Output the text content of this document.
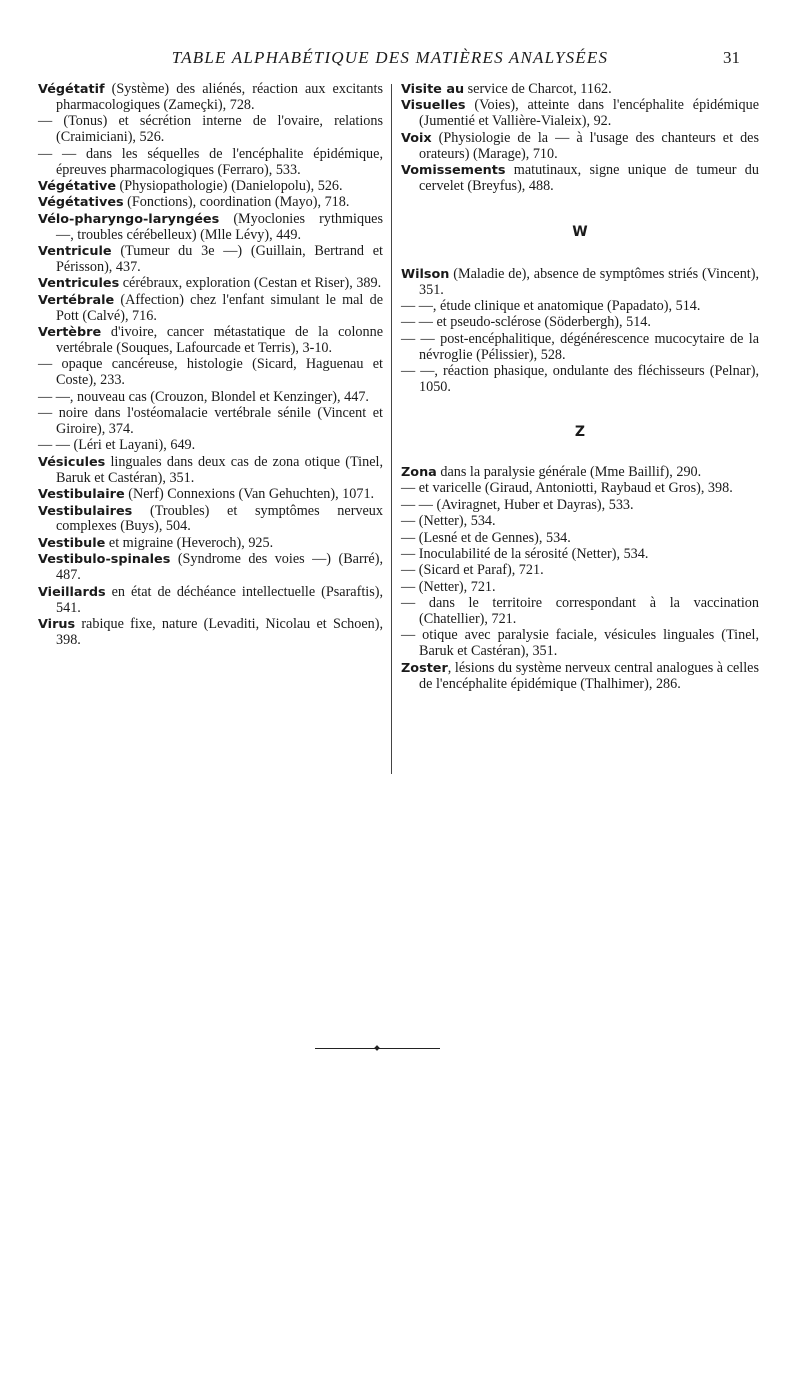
TABLE ALPHABÉTIQUE DES MATIÈRES ANALYSÉES	31
Végétatif (Système) des aliénés, réaction aux excitants pharmacologiques (Zameçki), 728.
— (Tonus) et sécrétion interne de l'ovaire, relations (Craimiciani), 526.
— — dans les séquelles de l'encéphalite épidémique, épreuves pharmacologiques (Ferraro), 533.
Végétative (Physiopathologie) (Danielopolu), 526.
Végétatives (Fonctions), coordination (Mayo), 718.
Vélo-pharyngo-laryngées (Myoclonies rythmiques —, troubles cérébelleux) (Mlle Lévy), 449.
Ventricule (Tumeur du 3e —) (Guillain, Bertrand et Périsson), 437.
Ventricules cérébraux, exploration (Cestan et Riser), 389.
Vertébrale (Affection) chez l'enfant simulant le mal de Pott (Calvé), 716.
Vertèbre d'ivoire, cancer métastatique de la colonne vertébrale (Souques, Lafourcade et Terris), 3-10.
— opaque cancéreuse, histologie (Sicard, Haguenau et Coste), 233.
— —, nouveau cas (Crouzon, Blondel et Kenzinger), 447.
— noire dans l'ostéomalacie vertébrale sénile (Vincent et Giroire), 374.
— — (Léri et Layani), 649.
Vésicules linguales dans deux cas de zona otique (Tinel, Baruk et Castéran), 351.
Vestibulaire (Nerf) Connexions (Van Gehuchten), 1071.
Vestibulaires (Troubles) et symptômes nerveux complexes (Buys), 504.
Vestibule et migraine (Heveroch), 925.
Vestibulo-spinales (Syndrome des voies —) (Barré), 487.
Vieillards en état de déchéance intellectuelle (Psaraftis), 541.
Virus rabique fixe, nature (Levaditi, Nicolau et Schoen), 398.
Visite au service de Charcot, 1162.
Visuelles (Voies), atteinte dans l'encéphalite épidémique (Jumentié et Vallière-Vialeix), 92.
Voix (Physiologie de la — à l'usage des chanteurs et des orateurs) (Marage), 710.
Vomissements matutinaux, signe unique de tumeur du cervelet (Breyfus), 488.
W
Wilson (Maladie de), absence de symptômes striés (Vincent), 351.
— —, étude clinique et anatomique (Papadato), 514.
— — et pseudo-sclérose (Söderbergh), 514.
— — post-encéphalitique, dégénérescence mucocytaire de la névroglie (Pélissier), 528.
— —, réaction phasique, ondulante des fléchisseurs (Pelnar), 1050.
Z
Zona dans la paralysie générale (Mme Baillif), 290.
— et varicelle (Giraud, Antoniotti, Raybaud et Gros), 398.
— — (Aviragnet, Huber et Dayras), 533.
— (Netter), 534.
— (Lesné et de Gennes), 534.
— Inoculabilité de la sérosité (Netter), 534.
— (Sicard et Paraf), 721.
— (Netter), 721.
— dans le territoire correspondant à la vaccination (Chatellier), 721.
— otique avec paralysie faciale, vésicules linguales (Tinel, Baruk et Castéran), 351.
Zoster, lésions du système nerveux central analogues à celles de l'encéphalite épidémique (Thalhimer), 286.
